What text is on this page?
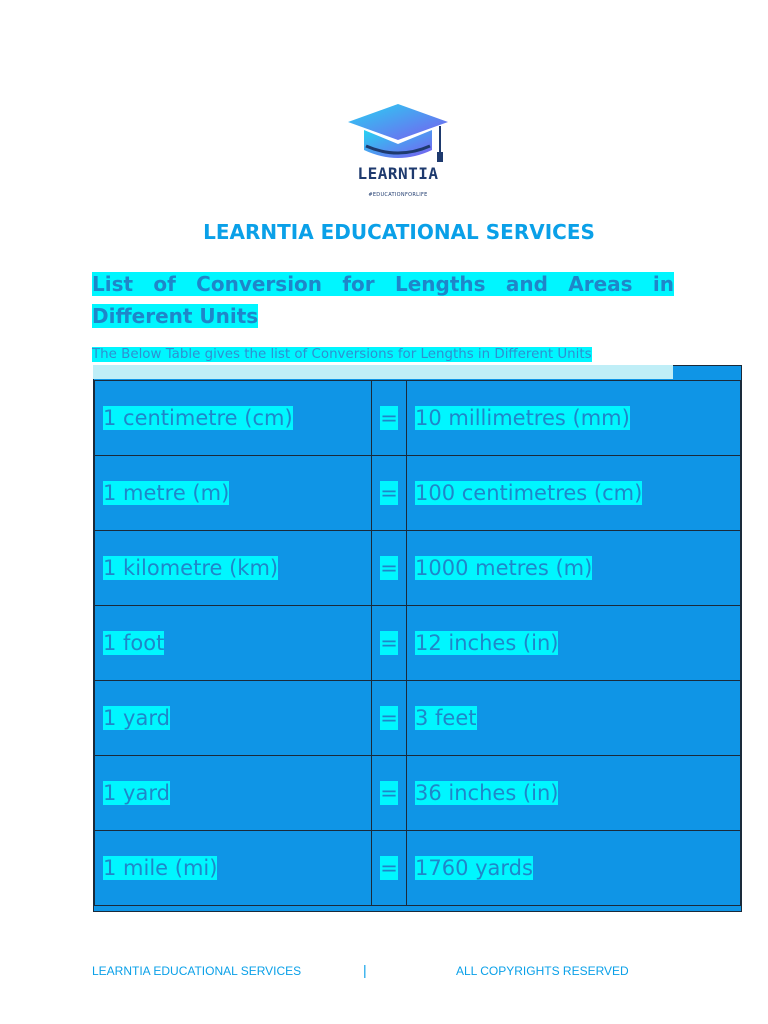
LEARNTIA
#EDUCATIONFORLIFE
LEARNTIA EDUCATIONAL SERVICES
List of Conversion for Lengths and Areas in Different Units
The Below Table gives the list of Conversions for Lengths in Different Units
1 centimetre (cm)	=	10 millimetres (mm)
1 metre (m)	=	100 centimetres (cm)
1 kilometre (km)	=	1000 metres (m)
1 foot	=	12 inches (in)
1 yard	=	3 feet
1 yard	=	36 inches (in)
1 mile (mi)	=	1760 yards
LEARNTIA EDUCATIONAL SERVICES	|	ALL COPYRIGHTS RESERVED
